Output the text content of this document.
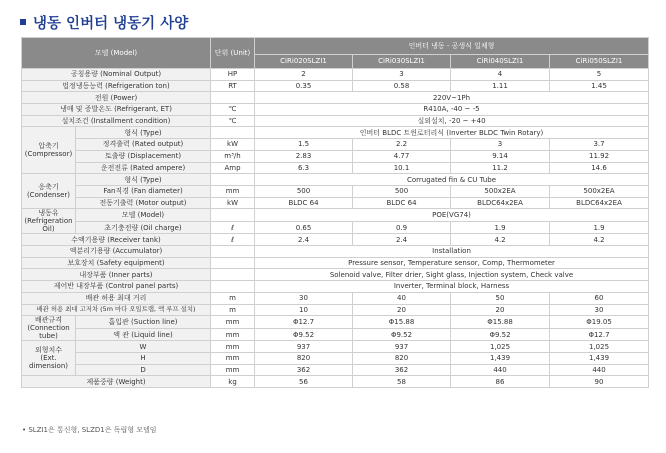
냉동 인버터 냉동기 사양
모델 (Model)		단위 (Unit)	인버터 냉동 - 공생식 일체형			
			CiRi020SLZI1	CiRi030SLZI1	CiRi040SLZI1	CiRi050SLZI1
공칭용량 (Nominal Output)		HP	2	3	4	5
법정냉동능력 (Refrigeration ton)		RT	0.35	0.58	1.11	1.45
전원 (Power)			220V~1Ph			
냉매 및 증발온도 (Refrigerant, ET)		℃	R410A, -40 ~ -5			
설치조건 (Installment condition)		℃	실외설치, -20 ~ +40			
압축기
(Compressor)	형식 (Type)		인버터 BLDC 트윈로터리식 (Inverter BLDC Twin Rotary)			
	정격출력 (Rated output)	kW	1.5	2.2	3	3.7
	토출량 (Displacement)	m³/h	2.83	4.77	9.14	11.92
	운전전류 (Rated ampere)	Amp	6.3	10.1	11.2	14.6
응축기
(Condenser)	형식 (Type)		Corrugated fin & CU Tube			
	Fan직경 (Fan diameter)	mm	500	500	500x2EA	500x2EA
	전동기출력 (Motor output)	kW	BLDC 64	BLDC 64	BLDC64x2EA	BLDC64x2EA
냉동유
(Refrigeration Oil)	모델 (Model)		POE(VG74)			
	초기충전량 (Oil charge)	ℓ	0.65	0.9	1.9	1.9
수액기용량 (Receiver tank)		ℓ	2.4	2.4	4.2	4.2
액분리기용량 (Accumulator)			Installation			
보호장치 (Safety equipment)			Pressure sensor, Temperature sensor, Comp, Thermometer			
내장부품 (Inner parts)			Solenoid valve, Filter drier, Sight glass, Injection system, Check valve			
제어반 내장부품 (Control panel parts)			Inverter, Terminal block, Harness			
배관 허용 최대 거리		m	30	40	50	60
배관 허용 최대 고저차 (5m 마다 오일트랩, 액 루프 설치)		m	10	20	20	30
배관규격
(Connection tube)	흡입관 (Suction line)	mm	Φ12.7	Φ15.88	Φ15.88	Φ19.05
	액 관 (Liquid line)	mm	Φ9.52	Φ9.52	Φ9.52	Φ12.7
외형치수
(Ext. dimension)	W	mm	937	937	1,025	1,025
	H	mm	820	820	1,439	1,439
	D	mm	362	362	440	440
제품중량 (Weight)		kg	56	58	86	90
• SLZI1은 통신형, SLZD1은 독립형 모델임
